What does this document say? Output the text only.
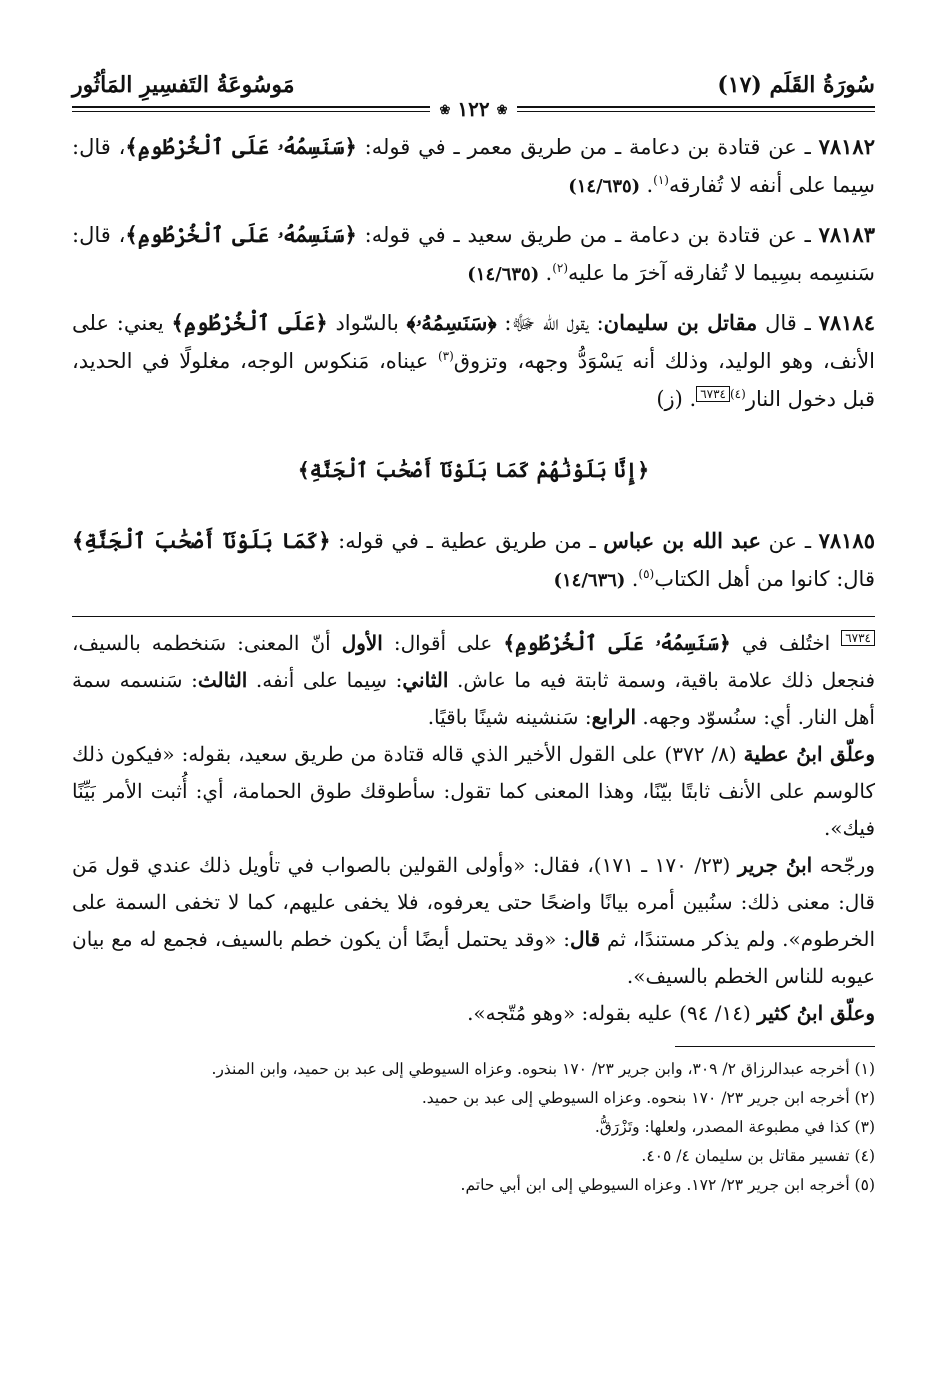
سُورَةُ القَلَم (١٧)
مَوسُوعَةُ التَفسِيرِ المَأثُور
❀ ١٢٢ ❀

٧٨١٨٢ ـ عن قتادة بن دعامة ـ من طريق معمر ـ في قوله: ﴿سَنَسِمُهُۥ عَلَى ٱلْخُرْطُومِ﴾، قال: سِيما على أنفه لا تُفارقه$^{(١)}$. (١٤/٦٣٥)

٧٨١٨٣ ـ عن قتادة بن دعامة ـ من طريق سعيد ـ في قوله: ﴿سَنَسِمُهُۥ عَلَى ٱلْخُرْطُومِ﴾، قال: سَنسِمه بسِيما لا تُفارقه آخرَ ما عليه$^{(٢)}$. (١٤/٦٣٥)

٧٨١٨٤ ـ قال مقاتل بن سليمان: يقول الله ﷻ: ﴿سَنَسِمُهُۥ﴾ بالسّواد ﴿عَلَى ٱلْخُرْطُومِ﴾ يعني: على الأنف، وهو الوليد، وذلك أنه يَسْوَدُّ وجهه، وتزوق$^{(٣)}$ عيناه، مَنكوس الوجه، مغلولًا في الحديد، قبل دخول النار$^{(٤)}$٦٧٣٤. (ز)

﴿إِنَّا بَلَوْنَٰهُمْ كَمَا بَلَوْنَآ أَصْحَٰبَ ٱلْجَنَّةِ﴾

٧٨١٨٥ ـ عن عبد الله بن عباس ـ من طريق عطية ـ في قوله: ﴿كَمَا بَلَوْنَآ أَصْحَٰبَ ٱلْجَنَّةِ﴾ قال: كانوا من أهل الكتاب$^{(٥)}$. (١٤/٦٣٦)

٦٧٣٤ اختُلف في ﴿سَنَسِمُهُۥ عَلَى ٱلْخُرْطُومِ﴾ على أقوال: الأول أنّ المعنى: سَنخطمه بالسيف، فنجعل ذلك علامة باقية، وسمة ثابتة فيه ما عاش. الثاني: سِيما على أنفه. الثالث: سَنسمه سمة أهل النار. أي: سنُسوّد وجهه. الرابع: سَنشينه شينًا باقيًا.

وعلّق ابنُ عطية (٨/ ٣٧٢) على القول الأخير الذي قاله قتادة من طريق سعيد، بقوله: «فيكون ذلك كالوسم على الأنف ثابتًا بيّنًا، وهذا المعنى كما تقول: سأطوقك طوق الحمامة، أي: أُثبت الأمر بَيِّنًا فيك».

ورجّحه ابنُ جرير (٢٣/ ١٧٠ ـ ١٧١)، فقال: «وأولى القولين بالصواب في تأويل ذلك عندي قول مَن قال: معنى ذلك: سنُبين أمره بيانًا واضحًا حتى يعرفوه، فلا يخفى عليهم، كما لا تخفى السمة على الخرطوم». ولم يذكر مستندًا، ثم قال: «وقد يحتمل أيضًا أن يكون خطم بالسيف، فجمع له مع بيان عيوبه للناس الخطم بالسيف».

وعلّق ابنُ كثير (١٤/ ٩٤) عليه بقوله: «وهو مُتّجه».

(١) أخرجه عبدالرزاق ٢/ ٣٠٩، وابن جرير ٢٣/ ١٧٠ بنحوه. وعزاه السيوطي إلى عبد بن حميد، وابن المنذر.

(٢) أخرجه ابن جرير ٢٣/ ١٧٠ بنحوه. وعزاه السيوطي إلى عبد بن حميد.

(٣) كذا في مطبوعة المصدر، ولعلها: وتَزْرَقُّ.

(٤) تفسير مقاتل بن سليمان ٤/ ٤٠٥.

(٥) أخرجه ابن جرير ٢٣/ ١٧٢. وعزاه السيوطي إلى ابن أبي حاتم.
